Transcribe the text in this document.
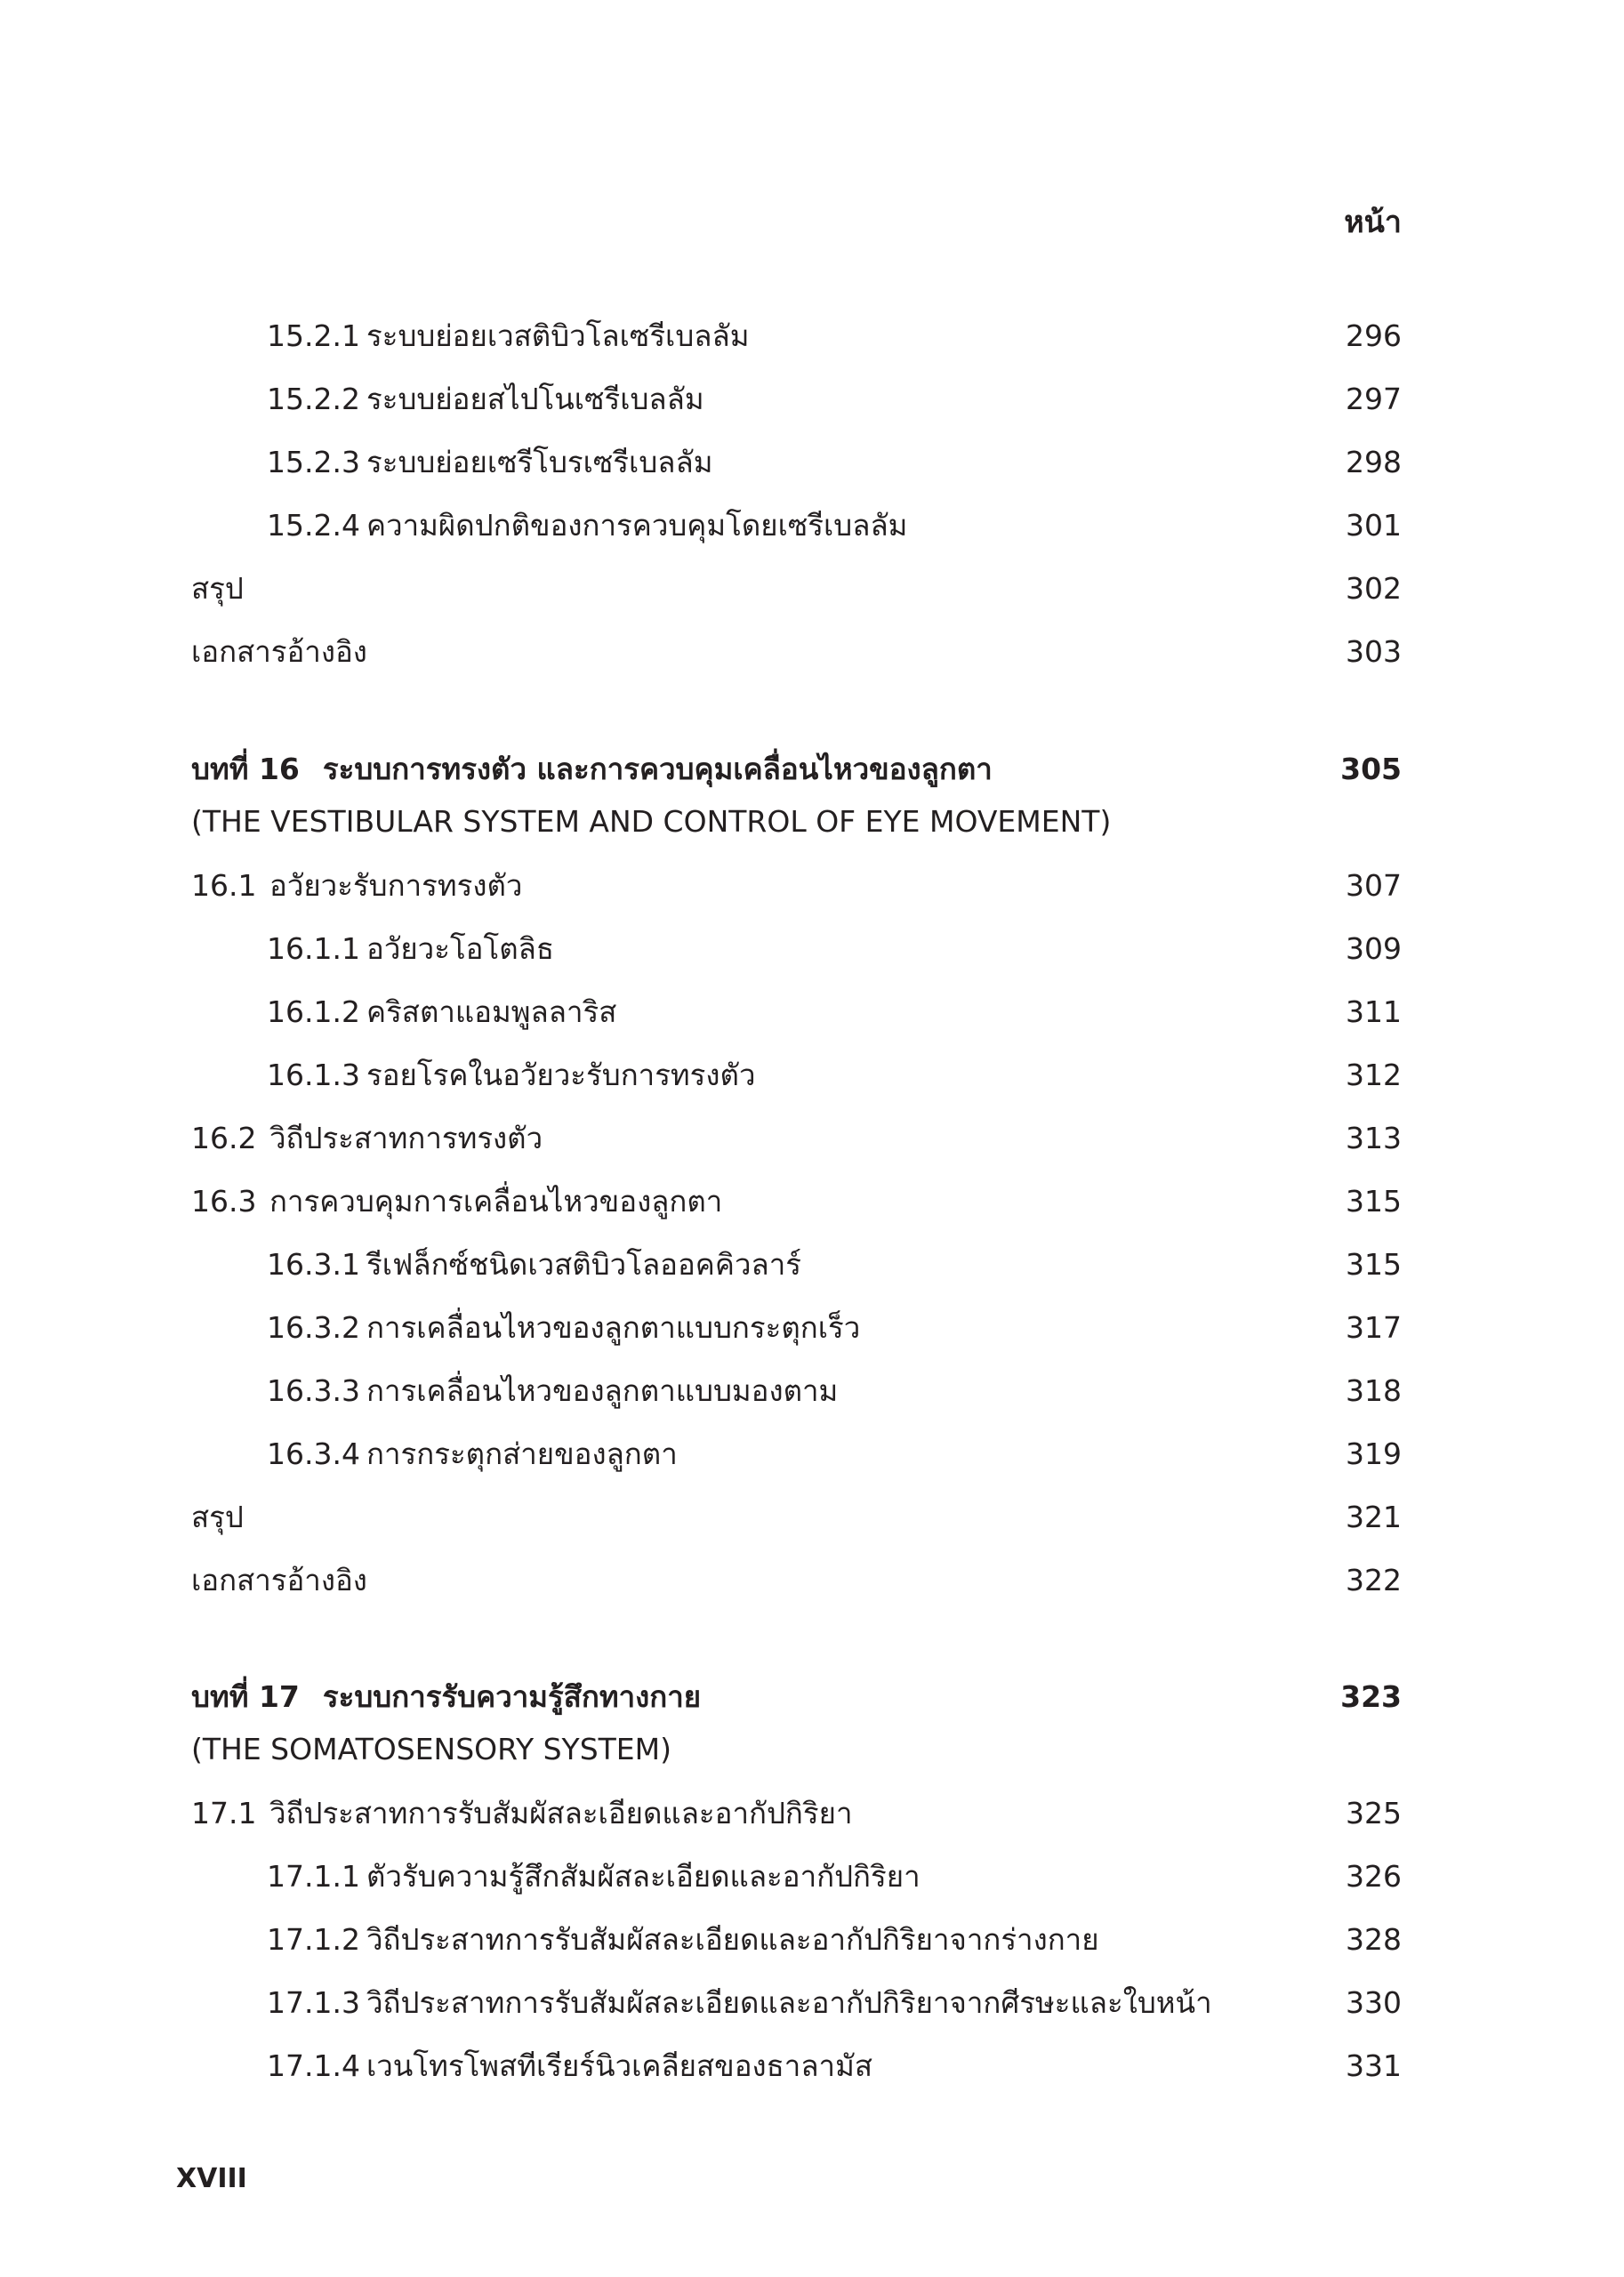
หน้า
15.2.1 ระบบย่อยเวสติบิวโลเซรีเบลลัม	296
15.2.2 ระบบย่อยสไปโนเซรีเบลลัม	297
15.2.3 ระบบย่อยเซรีโบรเซรีเบลลัม	298
15.2.4 ความผิดปกติของการควบคุมโดยเซรีเบลลัม	301
สรุป	302
เอกสารอ้างอิง	303
บทที่ 16 ระบบการทรงตัว และการควบคุมเคลื่อนไหวของลูกตา	305
(THE VESTIBULAR SYSTEM AND CONTROL OF EYE MOVEMENT)
16.1 อวัยวะรับการทรงตัว	307
16.1.1 อวัยวะโอโตลิธ	309
16.1.2 คริสตาแอมพูลลาริส	311
16.1.3 รอยโรคในอวัยวะรับการทรงตัว	312
16.2 วิถีประสาทการทรงตัว	313
16.3 การควบคุมการเคลื่อนไหวของลูกตา	315
16.3.1 รีเฟล็กซ์ชนิดเวสติบิวโลออคคิวลาร์	315
16.3.2 การเคลื่อนไหวของลูกตาแบบกระตุกเร็ว	317
16.3.3 การเคลื่อนไหวของลูกตาแบบมองตาม	318
16.3.4 การกระตุกส่ายของลูกตา	319
สรุป	321
เอกสารอ้างอิง	322
บทที่ 17 ระบบการรับความรู้สึกทางกาย	323
(THE SOMATOSENSORY SYSTEM)
17.1 วิถีประสาทการรับสัมผัสละเอียดและอากัปกิริยา	325
17.1.1 ตัวรับความรู้สึกสัมผัสละเอียดและอากัปกิริยา	326
17.1.2 วิถีประสาทการรับสัมผัสละเอียดและอากัปกิริยาจากร่างกาย	328
17.1.3 วิถีประสาทการรับสัมผัสละเอียดและอากัปกิริยาจากศีรษะและใบหน้า	330
17.1.4 เวนโทรโพสทีเรียร์นิวเคลียสของธาลามัส	331
XVIII
